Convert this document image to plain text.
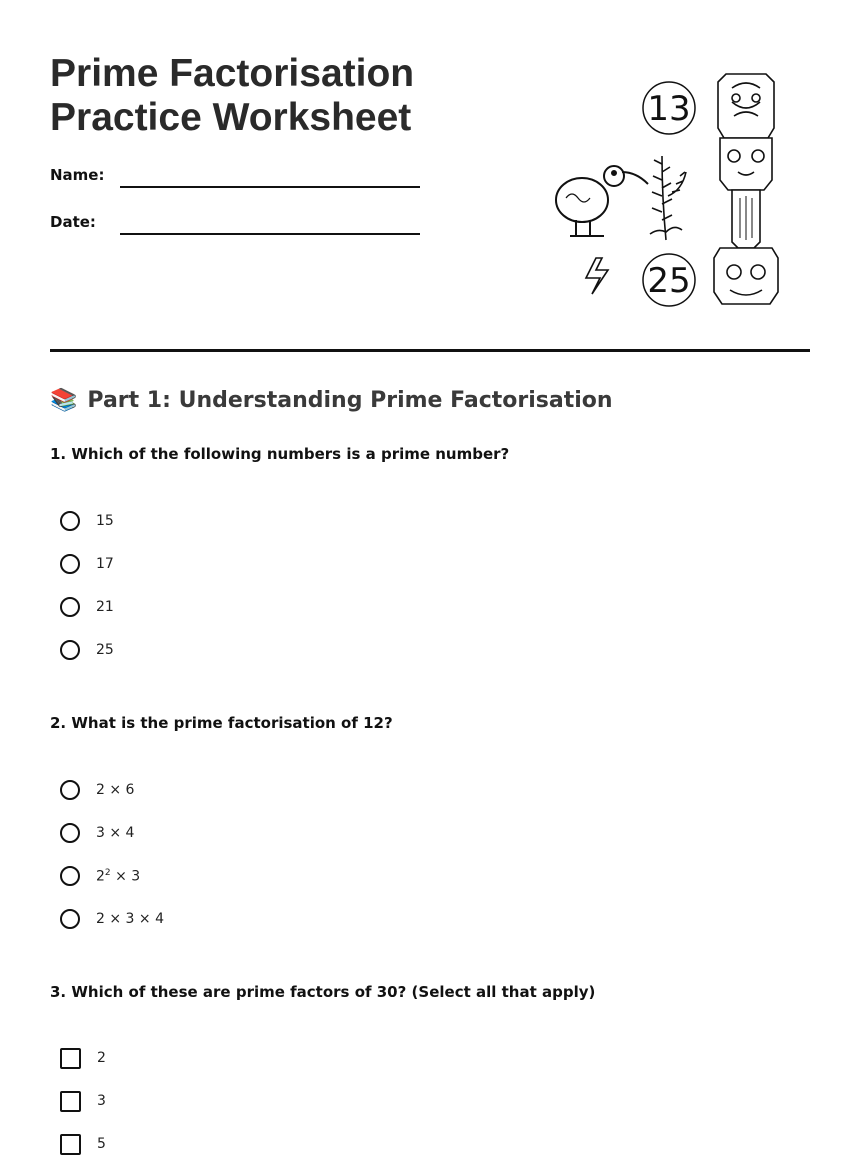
Prime Factorisation
Practice Worksheet
Name:
Date:
13
25
📚 Part 1: Understanding Prime Factorisation

1. Which of the following numbers is a prime number?

15
17
21
25

2. What is the prime factorisation of 12?

2 × 6
3 × 4
$2^2 \times 3$
2 × 3 × 4

3. Which of these are prime factors of 30? (Select all that apply)

2
3
5
